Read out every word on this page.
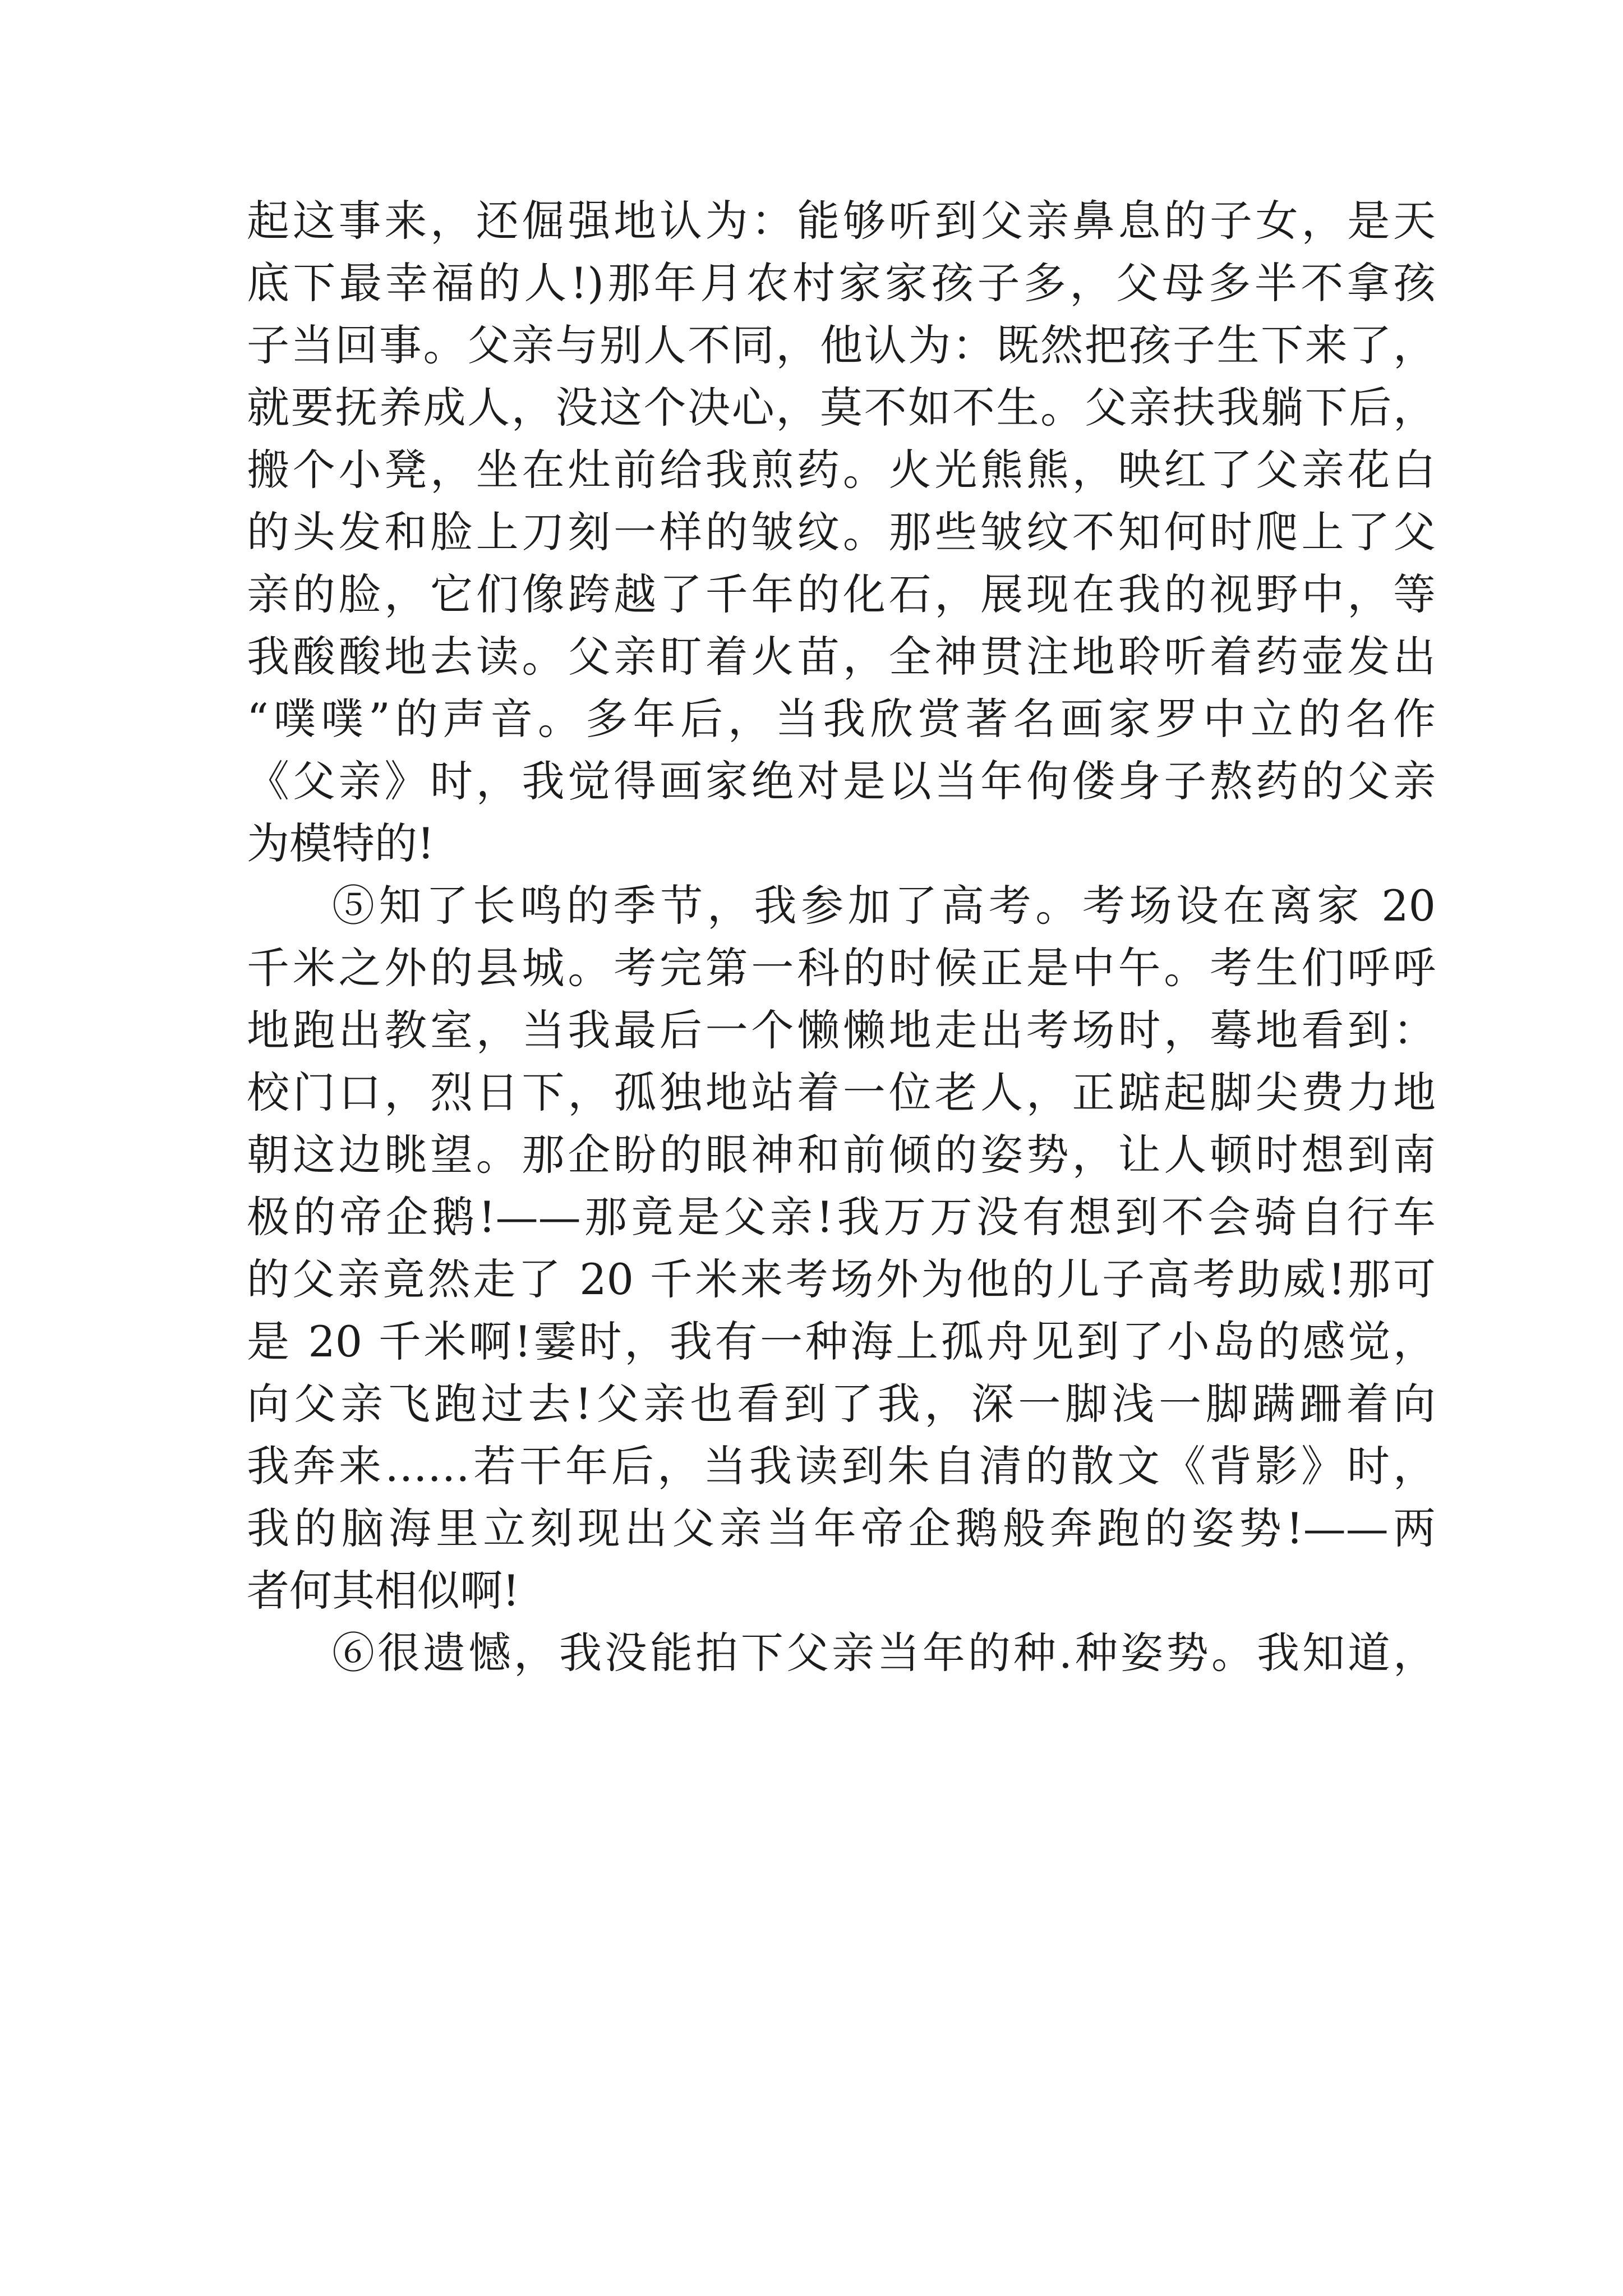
起这事来，还倔强地认为：能够听到父亲鼻息的子女，是天
底下最幸福的人!)那年月农村家家孩子多，父母多半不拿孩
子当回事。父亲与别人不同，他认为：既然把孩子生下来了，
就要抚养成人，没这个决心，莫不如不生。父亲扶我躺下后，
搬个小凳，坐在灶前给我煎药。火光熊熊，映红了父亲花白
的头发和脸上刀刻一样的皱纹。那些皱纹不知何时爬上了父
亲的脸，它们像跨越了千年的化石，展现在我的视野中，等
我酸酸地去读。父亲盯着火苗，全神贯注地聆听着药壶发出
“噗噗”的声音。多年后，当我欣赏著名画家罗中立的名作
《父亲》时，我觉得画家绝对是以当年佝偻身子熬药的父亲
为模特的!
⑤知了长鸣的季节，我参加了高考。考场设在离家 20
千米之外的县城。考完第一科的时候正是中午。考生们呼呼
地跑出教室，当我最后一个懒懒地走出考场时，蓦地看到：
校门口，烈日下，孤独地站着一位老人，正踮起脚尖费力地
朝这边眺望。那企盼的眼神和前倾的姿势，让人顿时想到南
极的帝企鹅!——那竟是父亲!我万万没有想到不会骑自行车
的父亲竟然走了 20 千米来考场外为他的儿子高考助威!那可
是 20 千米啊!霎时，我有一种海上孤舟见到了小岛的感觉，
向父亲飞跑过去!父亲也看到了我，深一脚浅一脚蹒跚着向
我奔来……若干年后，当我读到朱自清的散文《背影》时，
我的脑海里立刻现出父亲当年帝企鹅般奔跑的姿势!——两
者何其相似啊!
⑥很遗憾，我没能拍下父亲当年的种.种姿势。我知道，
